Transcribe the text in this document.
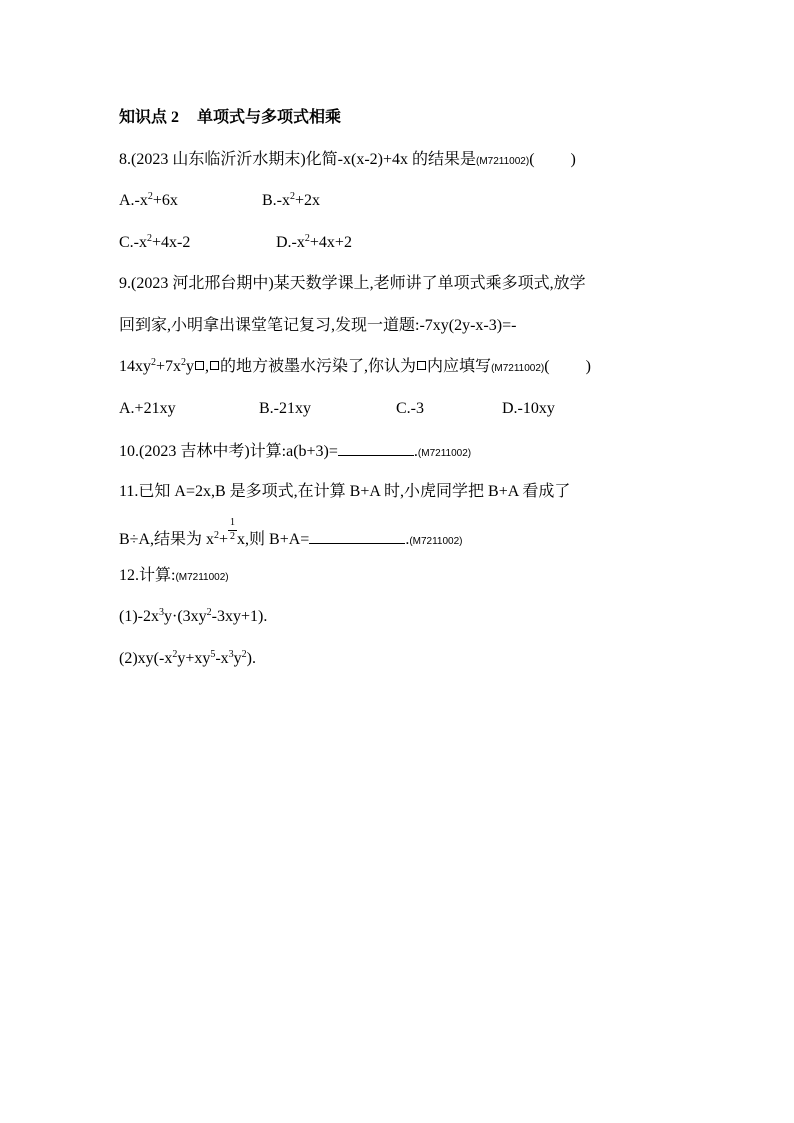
知识点 2 单项式与多项式相乘
8.(2023 山东临沂沂水期末)化简-x(x-2)+4x 的结果是(M7211002)( )
$A.-x^2+6x$	$B.-x^2+2x$
$C.-x^2+4x-2$	$D.-x^2+4x+2$
9.(2023 河北邢台期中)某天数学课上,老师讲了单项式乘多项式,放学
回到家,小明拿出课堂笔记复习,发现一道题:-7xy(2y-x-3)=-
$14xy^2+7x^2y$ , 的地方被墨水污染了,你认为 内应填写(M7211002)( )
A.+21xy	B.-21xy	C.-3	D.-10xy
10.(2023 吉林中考)计算:a(b+3)=	.(M7211002)
11.已知 A=2x,B 是多项式,在计算 B+A 时,小虎同学把 B+A 看成了
B÷A,结果为 $x^2+ \frac{1}{2} x$,则 B+A=	.(M7211002)
12.计算:(M7211002)
$(1)-2x^3y\cdot(3xy^2-3xy+1)$.
$(2)xy(-x^2y+xy^5-x^3y^2)$.
